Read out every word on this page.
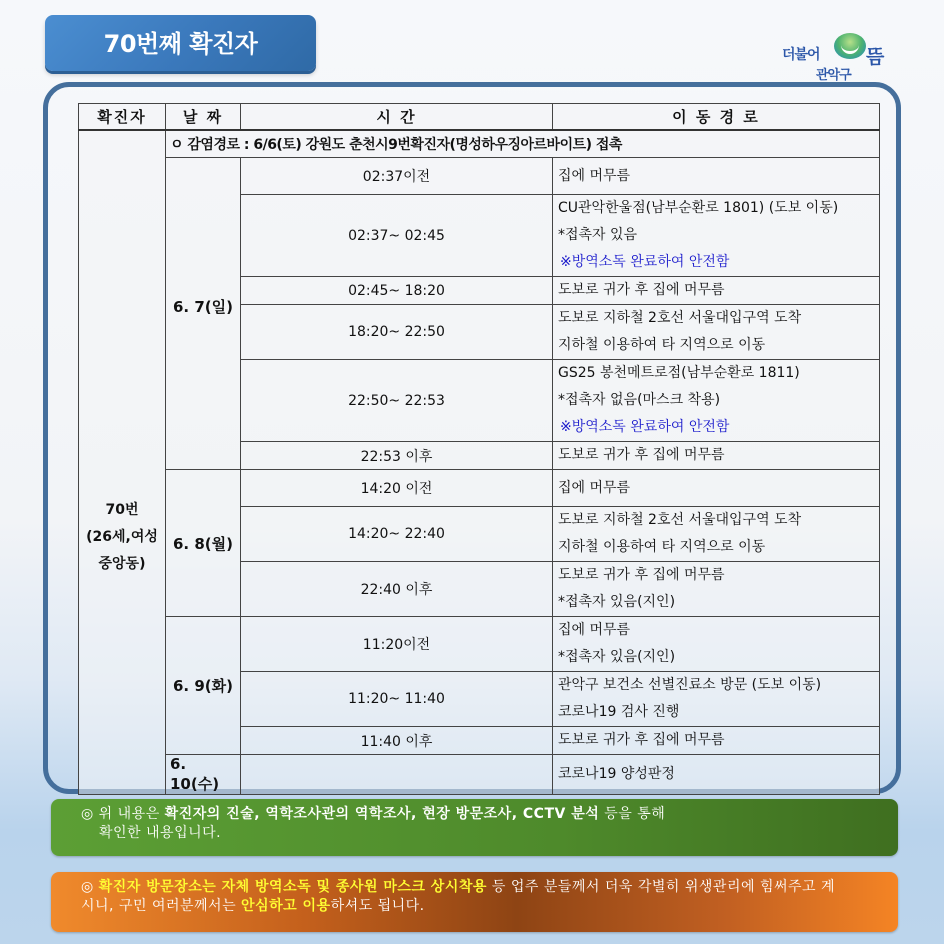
70번째 확진자	더불어 뜸
관악구
확진자	날 짜	시 간	이 동 경 로

70번
(26세,여성
중앙동)	ㅇ 감염경로 : 6/6(토) 강원도 춘천시9번확진자(명성하우징아르바이트) 접촉		
	6. 7(일)	02:37이전	집에 머무름

		02:37~ 02:45	CU관악한울점(남부순환로 1801) (도보 이동)
*접촉자 있음
※방역소독 완료하여 안전함

		02:45~ 18:20	도보로 귀가 후 집에 머무름

		18:20~ 22:50	도보로 지하철 2호선 서울대입구역 도착
지하철 이용하여 타 지역으로 이동

		22:50~ 22:53	GS25 봉천메트로점(남부순환로 1811)
*접촉자 없음(마스크 착용)
※방역소독 완료하여 안전함

		22:53 이후	도보로 귀가 후 집에 머무름

	6. 8(월)	14:20 이전	집에 머무름

		14:20~ 22:40	도보로 지하철 2호선 서울대입구역 도착
지하철 이용하여 타 지역으로 이동

		22:40 이후	도보로 귀가 후 집에 머무름
*접촉자 있음(지인)

	6. 9(화)	11:20이전	집에 머무름
*접촉자 있음(지인)

		11:20~ 11:40	관악구 보건소 선별진료소 방문 (도보 이동)
코로나19 검사 진행

		11:40 이후	도보로 귀가 후 집에 머무름

	6. 10(수)		코로나19 양성판정
◎ 위 내용은 확진자의 진술, 역학조사관의 역학조사, 현장 방문조사, CCTV 분석 등을 통해
확인한 내용입니다.
◎ 확진자 방문장소는 자체 방역소독 및 종사원 마스크 상시착용 등 업주 분들께서 더욱 각별히 위생관리에 힘써주고 계
시니, 구민 여러분께서는 안심하고 이용하셔도 됩니다.
